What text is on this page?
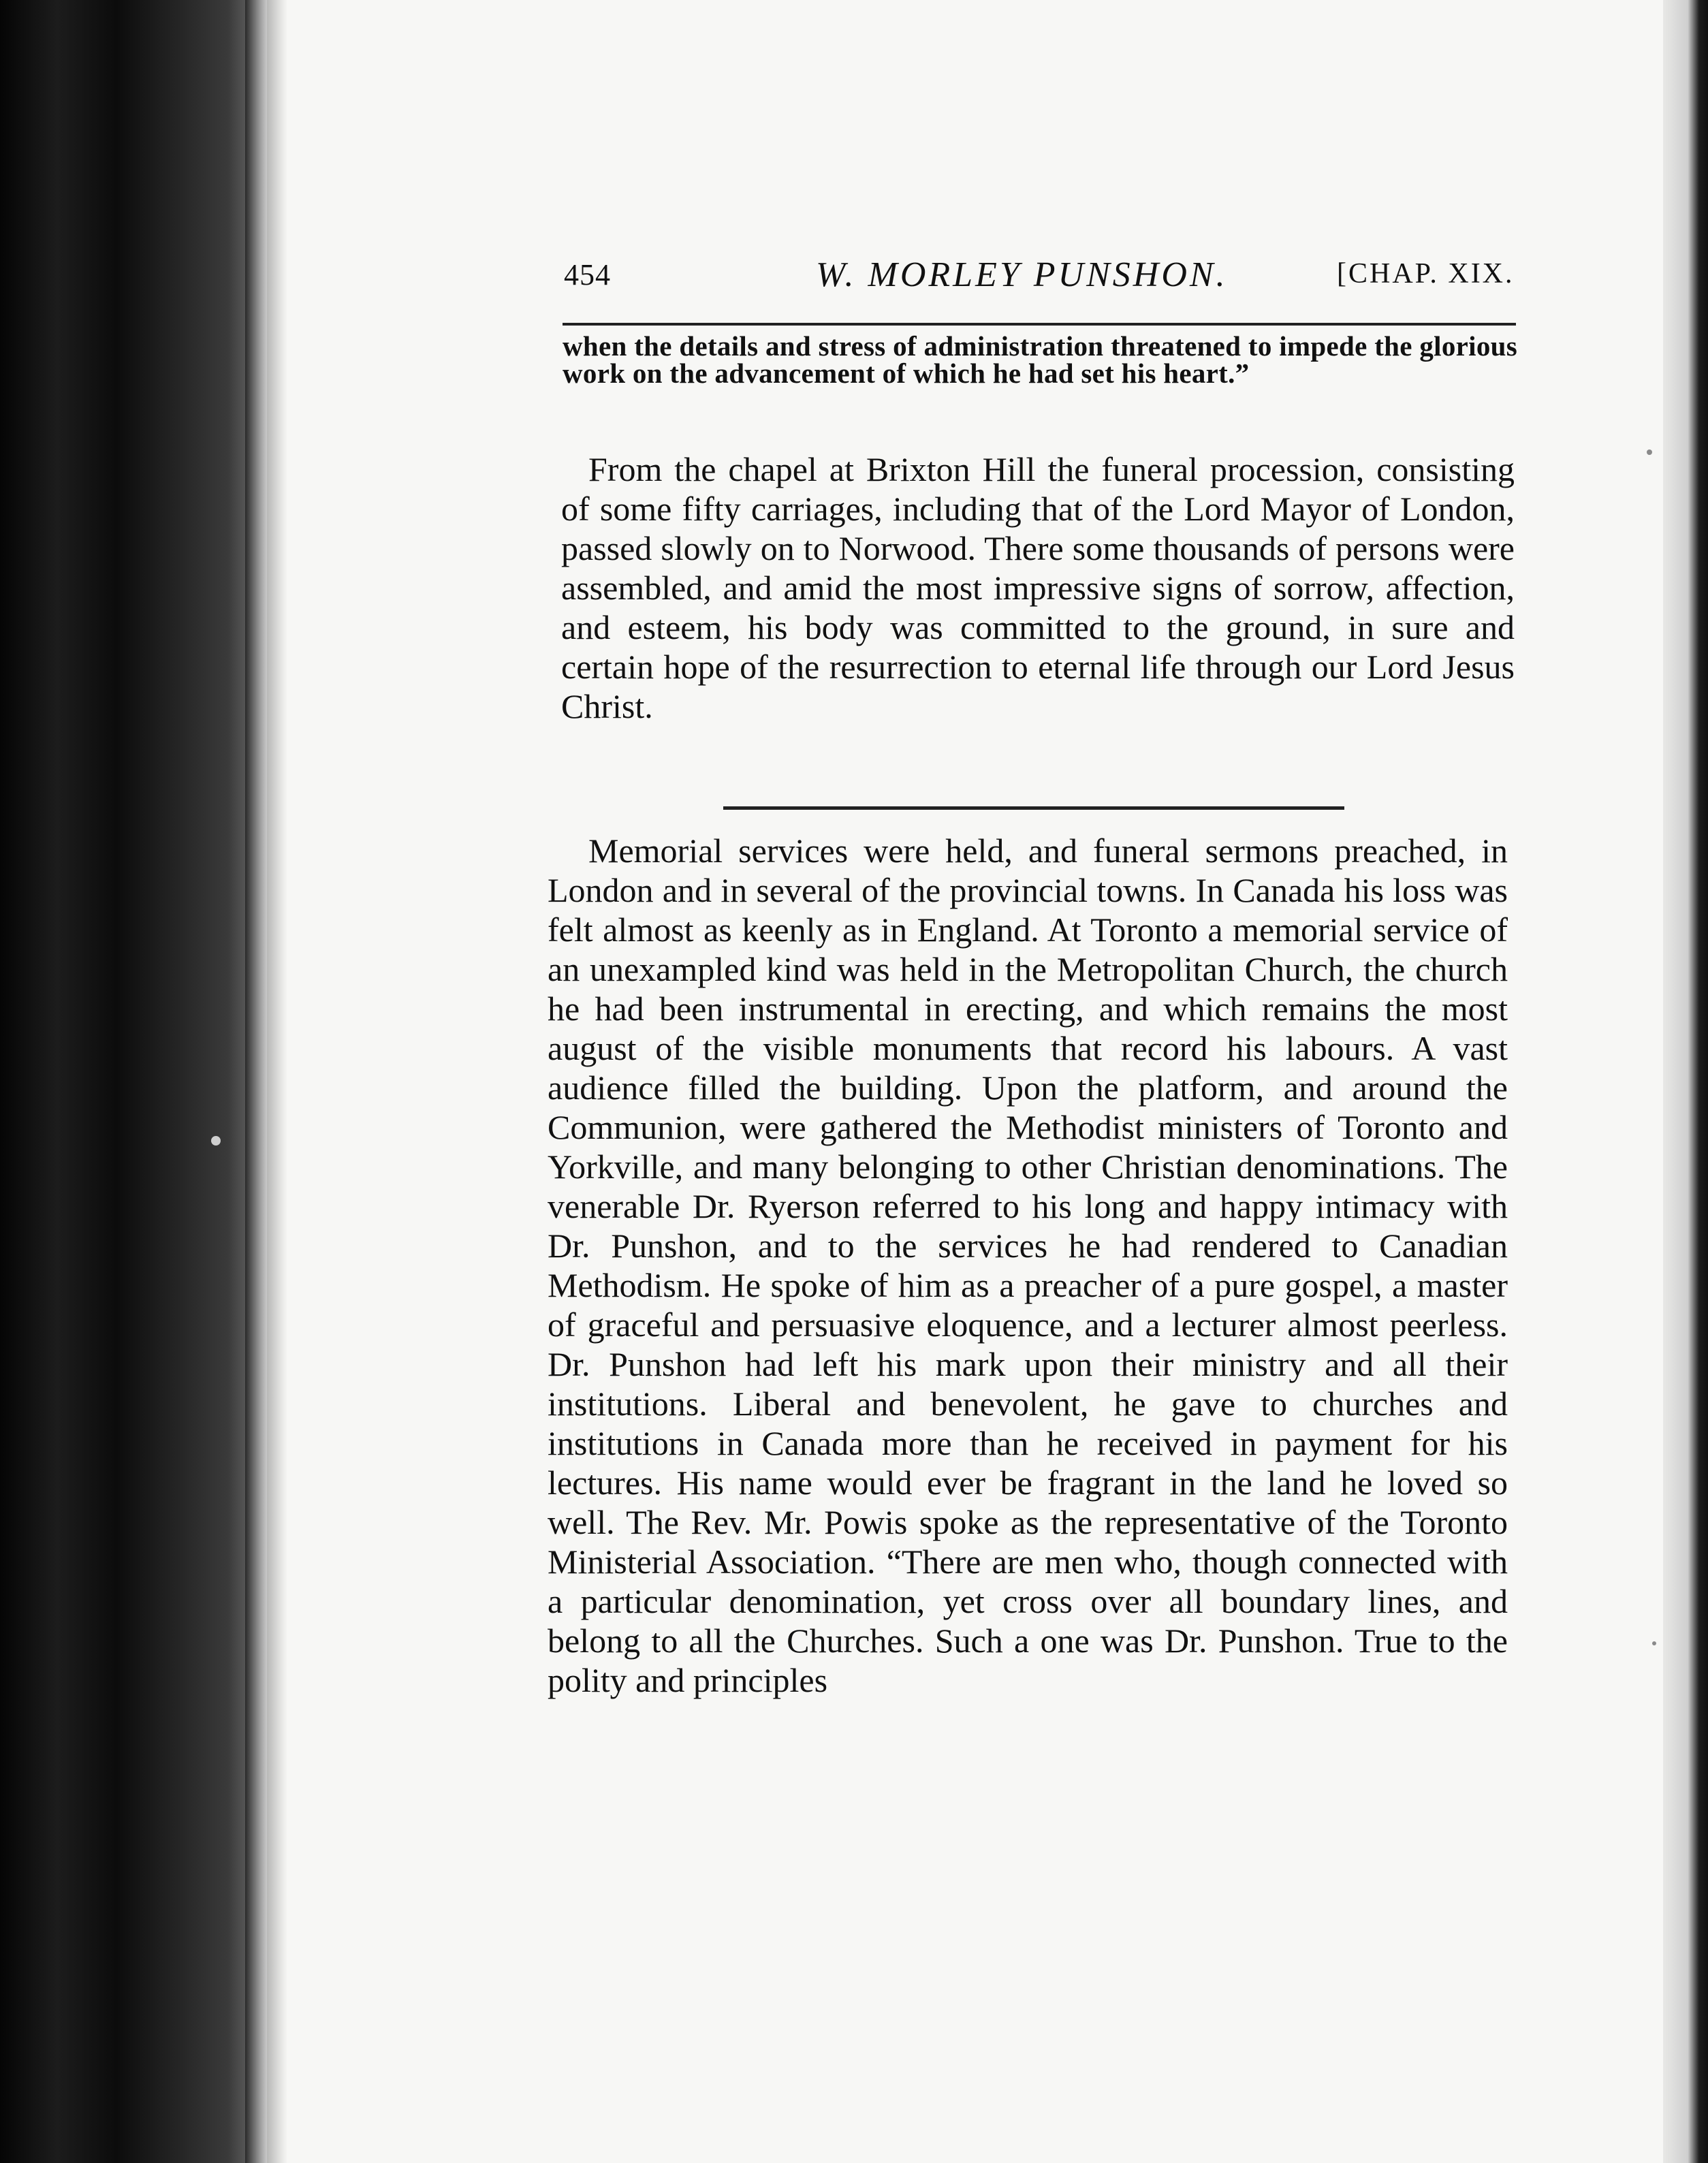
454	W. MORLEY PUNSHON.	[CHAP. XIX.
when the details and stress of administration threatened to impede the glorious work on the advancement of which he had set his heart.”
From the chapel at Brixton Hill the funeral procession, consisting of some fifty carriages, including that of the Lord Mayor of London, passed slowly on to Norwood. There some thousands of persons were assembled, and amid the most impressive signs of sorrow, affection, and esteem, his body was committed to the ground, in sure and certain hope of the resurrection to eternal life through our Lord Jesus Christ.
Memorial services were held, and funeral sermons preached, in London and in several of the provincial towns. In Canada his loss was felt almost as keenly as in England. At Toronto a memorial service of an unexampled kind was held in the Metropolitan Church, the church he had been instrumental in erecting, and which remains the most august of the visible monuments that record his labours. A vast audience filled the building. Upon the platform, and around the Communion, were gathered the Methodist ministers of Toronto and Yorkville, and many belonging to other Christian denominations. The venerable Dr. Ryerson referred to his long and happy intimacy with Dr. Punshon, and to the services he had rendered to Canadian Methodism. He spoke of him as a preacher of a pure gospel, a master of graceful and persuasive eloquence, and a lecturer almost peerless. Dr. Punshon had left his mark upon their ministry and all their institutions. Liberal and benevolent, he gave to churches and institutions in Canada more than he received in payment for his lectures. His name would ever be fragrant in the land he loved so well. The Rev. Mr. Powis spoke as the representative of the Toronto Ministerial Association. “There are men who, though connected with a particular denomination, yet cross over all boundary lines, and belong to all the Churches. Such a one was Dr. Punshon. True to the polity and principles
